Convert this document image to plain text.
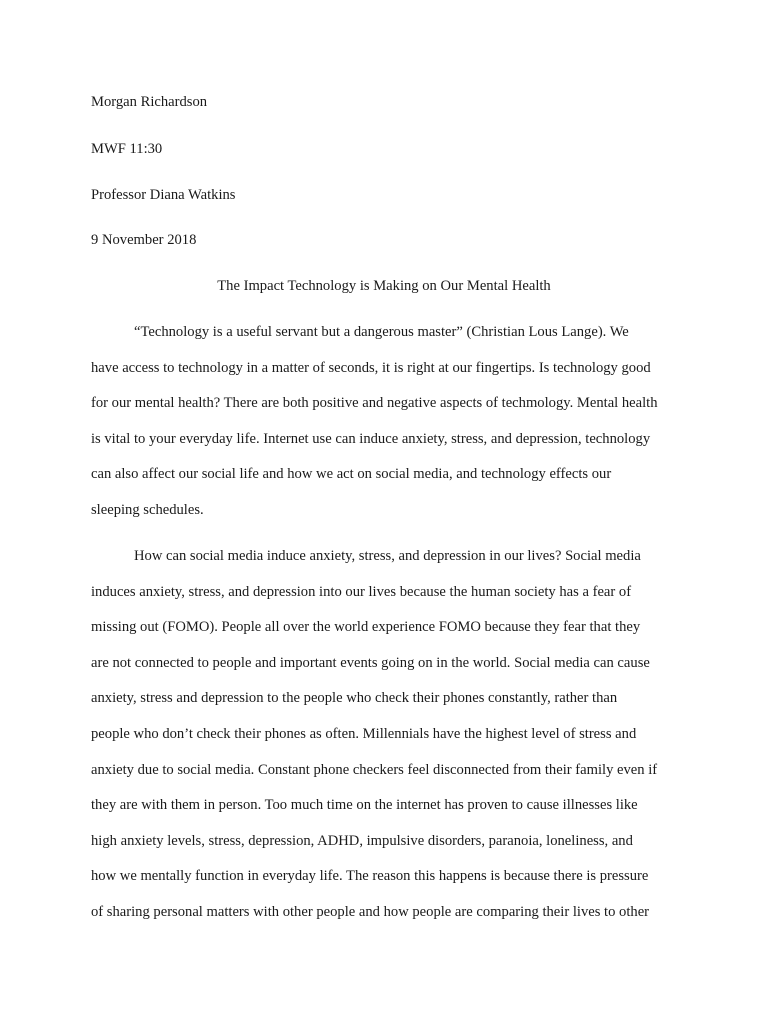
Morgan Richardson
MWF 11:30
Professor Diana Watkins
9 November 2018
The Impact Technology is Making on Our Mental Health
“Technology is a useful servant but a dangerous master” (Christian Lous Lange). We
have access to technology in a matter of seconds, it is right at our fingertips. Is technology good
for our mental health? There are both positive and negative aspects of techmology. Mental health
is vital to your everyday life. Internet use can induce anxiety, stress, and depression, technology
can also affect our social life and how we act on social media, and technology effects our
sleeping schedules.
How can social media induce anxiety, stress, and depression in our lives? Social media
induces anxiety, stress, and depression into our lives because the human society has a fear of
missing out (FOMO). People all over the world experience FOMO because they fear that they
are not connected to people and important events going on in the world. Social media can cause
anxiety, stress and depression to the people who check their phones constantly, rather than
people who don’t check their phones as often. Millennials have the highest level of stress and
anxiety due to social media. Constant phone checkers feel disconnected from their family even if
they are with them in person. Too much time on the internet has proven to cause illnesses like
high anxiety levels, stress, depression, ADHD, impulsive disorders, paranoia, loneliness, and
how we mentally function in everyday life. The reason this happens is because there is pressure
of sharing personal matters with other people and how people are comparing their lives to other
